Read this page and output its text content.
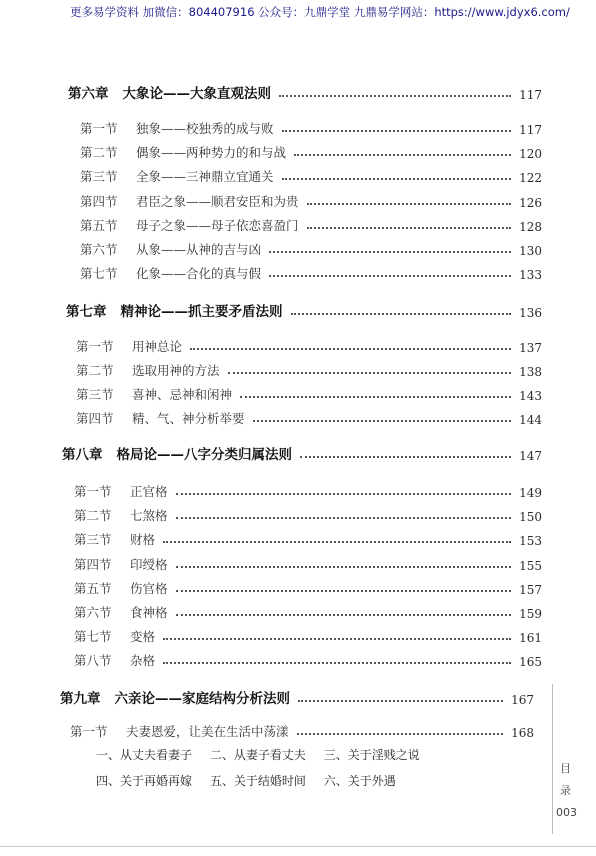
更多易学资料 加微信：804407916 公众号：九鼎学堂 九鼎易学网站：https://www.jdyx6.com/
第六章 大象论——大象直观法则	117
第一节 独象——校独秀的成与败	117
第二节 偶象——两种势力的和与战	120
第三节 全象——三神鼎立宜通关	122
第四节 君臣之象——顺君安臣和为贵	126
第五节 母子之象——母子依恋喜盈门	128
第六节 从象——从神的吉与凶	130
第七节 化象——合化的真与假	133
第七章 精神论——抓主要矛盾法则	136
第一节 用神总论	137
第二节 选取用神的方法	138
第三节 喜神、忌神和闲神	143
第四节 精、气、神分析举要	144
第八章 格局论——八字分类归属法则	147
第一节 正官格	149
第二节 七煞格	150
第三节 财格	153
第四节 印绶格	155
第五节 伤官格	157
第六节 食神格	159
第七节 变格	161
第八节 杂格	165
第九章 六亲论——家庭结构分析法则	167
第一节 夫妻恩爱，让美在生活中荡漾	168
一、从丈夫看妻子 二、从妻子看丈夫 三、关于淫贱之说
四、关于再婚再嫁 五、关于结婚时间 六、关于外遇
目
录
003
